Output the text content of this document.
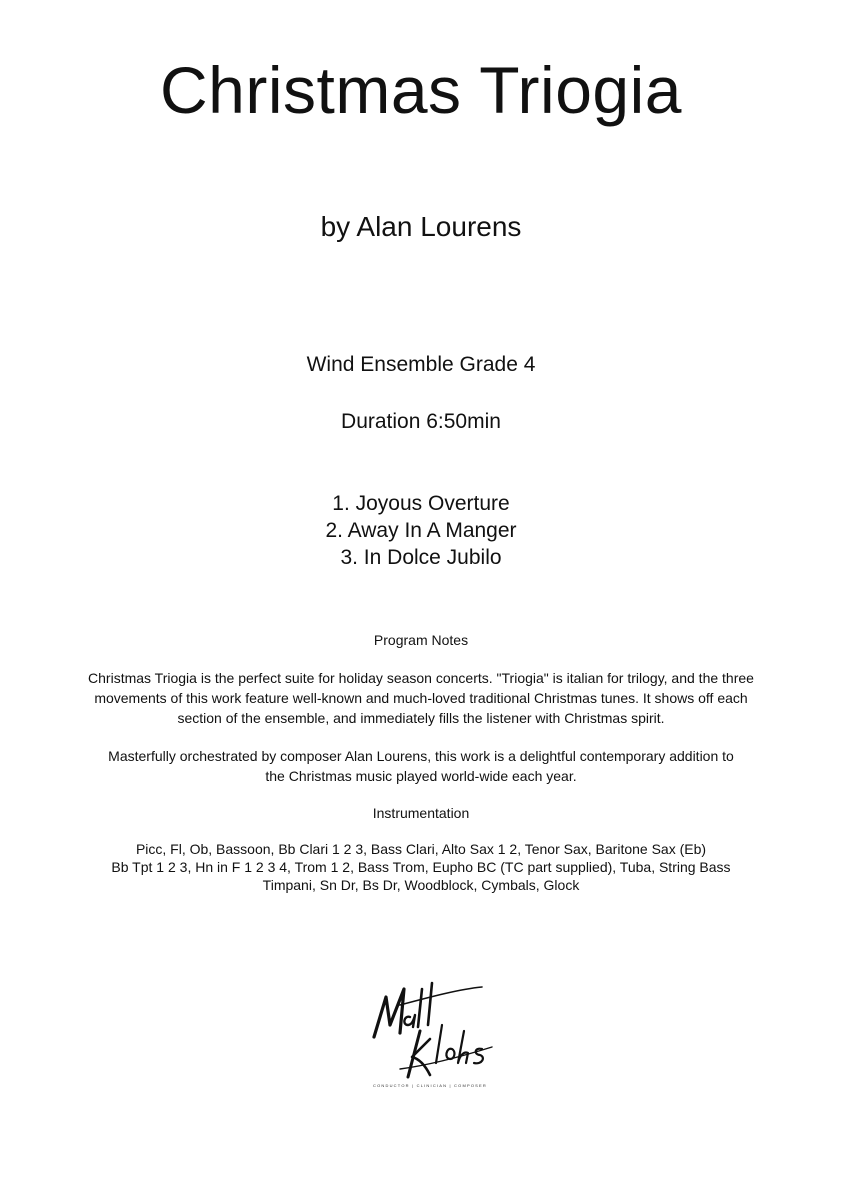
Christmas Triogia
by Alan Lourens
Wind Ensemble Grade 4
Duration 6:50min
1. Joyous Overture
2. Away In A Manger
3. In Dolce Jubilo
Program Notes
Christmas Triogia is the perfect suite for holiday season concerts. "Triogia" is italian for trilogy, and the three movements of this work feature well-known and much-loved traditional Christmas tunes. It shows off each section of the ensemble, and immediately fills the listener with Christmas spirit.
Masterfully orchestrated by composer Alan Lourens, this work is a delightful contemporary addition to the Christmas music played world-wide each year.
Instrumentation
Picc, Fl, Ob, Bassoon, Bb Clari 1 2 3, Bass Clari, Alto Sax 1 2, Tenor Sax, Baritone Sax (Eb)
Bb Tpt 1 2 3, Hn in F 1 2 3 4, Trom 1 2, Bass Trom, Eupho BC (TC part supplied), Tuba, String Bass
Timpani, Sn Dr, Bs Dr, Woodblock, Cymbals, Glock
CONDUCTOR | CLINICIAN | COMPOSER
